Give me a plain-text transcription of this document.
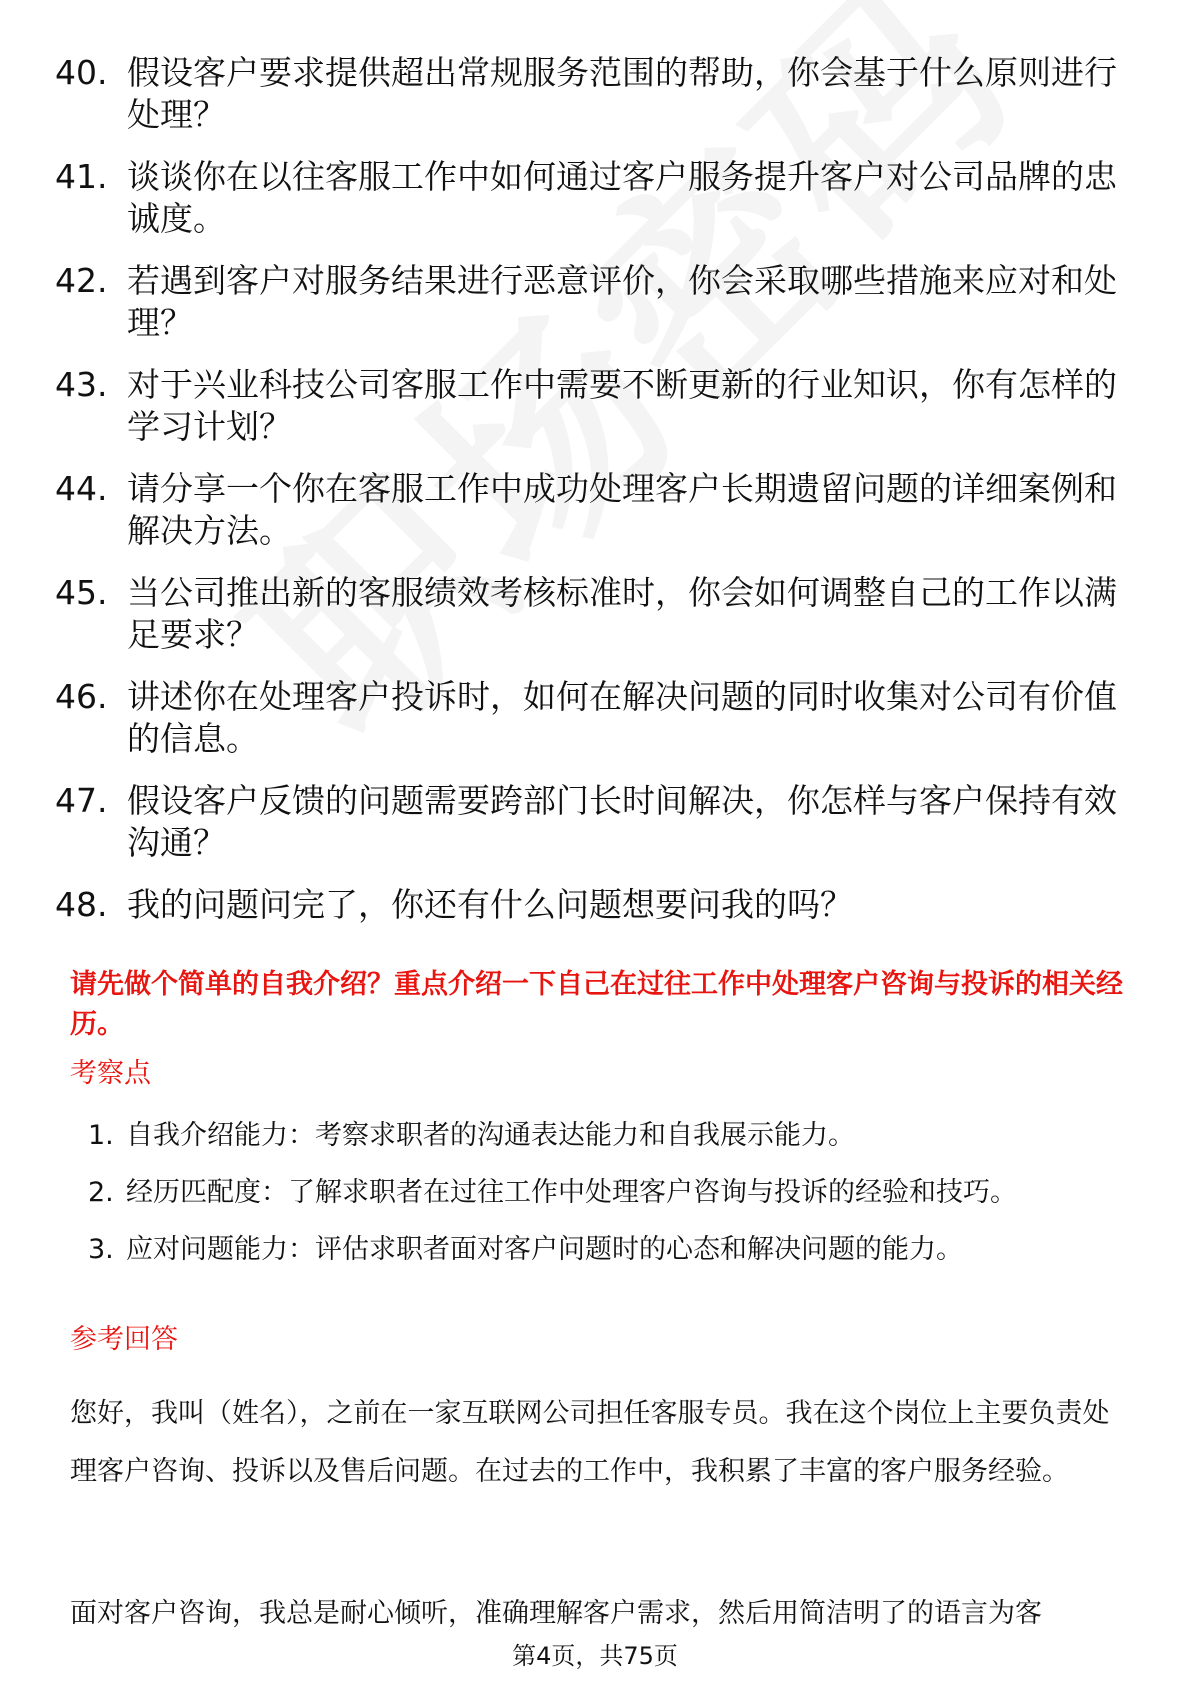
40. 假设客户要求提供超出常规服务范围的帮助，你会基于什么原则进行处理？
41. 谈谈你在以往客服工作中如何通过客户服务提升客户对公司品牌的忠诚度。
42. 若遇到客户对服务结果进行恶意评价，你会采取哪些措施来应对和处理？
43. 对于兴业科技公司客服工作中需要不断更新的行业知识，你有怎样的学习计划？
44. 请分享一个你在客服工作中成功处理客户长期遗留问题的详细案例和解决方法。
45. 当公司推出新的客服绩效考核标准时，你会如何调整自己的工作以满足要求？
46. 讲述你在处理客户投诉时，如何在解决问题的同时收集对公司有价值的信息。
47. 假设客户反馈的问题需要跨部门长时间解决，你怎样与客户保持有效沟通？
48. 我的问题问完了，你还有什么问题想要问我的吗？
请先做个简单的自我介绍？重点介绍一下自己在过往工作中处理客户咨询与投诉的相关经历。
考察点
1. 自我介绍能力：考察求职者的沟通表达能力和自我展示能力。
2. 经历匹配度：了解求职者在过往工作中处理客户咨询与投诉的经验和技巧。
3. 应对问题能力：评估求职者面对客户问题时的心态和解决问题的能力。
参考回答

您好，我叫（姓名），之前在一家互联网公司担任客服专员。我在这个岗位上主要负责处理客户咨询、投诉以及售后问题。在过去的工作中，我积累了丰富的客户服务经验。

面对客户咨询，我总是耐心倾听，准确理解客户需求，然后用简洁明了的语言为客

第4页，共75页
